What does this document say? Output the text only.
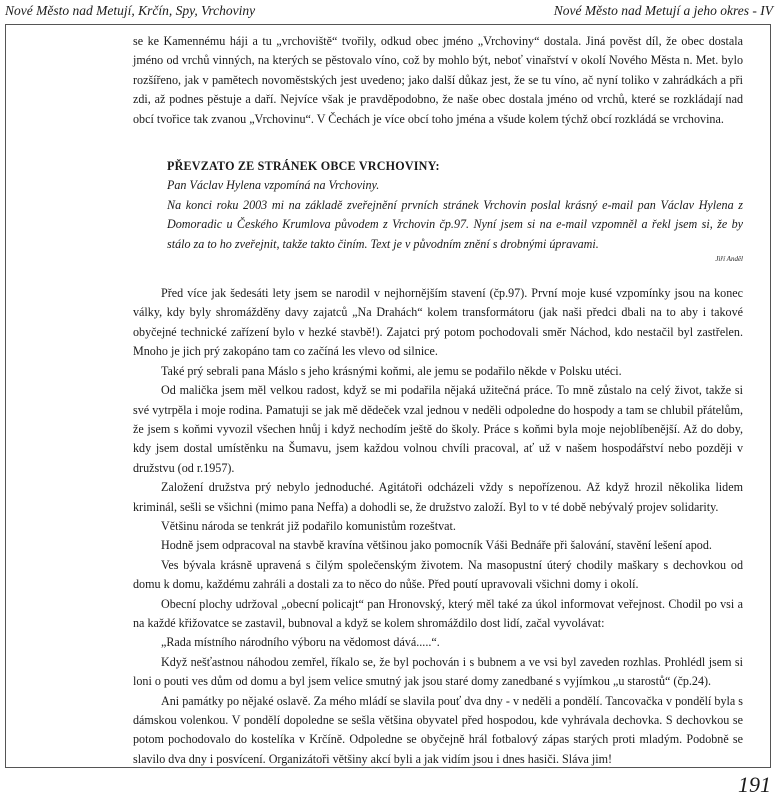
Nové Město nad Metují, Krčín, Spy, Vrchoviny	Nové Město nad Metují a jeho okres - IV

se ke Kamennému háji a tu „vrchoviště“ tvořily, odkud obec jméno „Vrchoviny“ dostala. Jiná pověst díl, že obec dostala jméno od vrchů vinných, na kterých se pěstovalo víno, což by mohlo být, neboť vinařství v okolí Nového Města n. Met. bylo rozšířeno, jak v pamětech novoměstských jest uvedeno; jako další důkaz jest, že se tu víno, ač nyní toliko v zahrádkách a při zdi, až podnes pěstuje a daří. Nejvíce však je pravděpodobno, že naše obec dostala jméno od vrchů, které se rozkládají nad obcí tvořice tak zvanou „Vrchovinu“. V Čechách je více obcí toho jména a všude kolem týchž obcí rozkládá se vrchovina.

PŘEVZATO ZE STRÁNEK OBCE VRCHOVINY:

Pan Václav Hylena vzpomíná na Vrchoviny.

Na konci roku 2003 mi na základě zveřejnění prvních stránek Vrchovin poslal krásný e-mail pan Václav Hylena z Domoradic u Českého Krumlova původem z Vrchovin čp.97. Nyní jsem si na e-mail vzpomněl a řekl jsem si, že by stálo za to ho zveřejnit, takže takto činím. Text je v původním znění s drobnými úpravami.

Jiří Anděl

Před více jak šedesáti lety jsem se narodil v nejhornějším stavení (čp.97). První moje kusé vzpomínky jsou na konec války, kdy byly shromážděny davy zajatců „Na Drahách“ kolem transformátoru (jak naši předci dbali na to aby i takové obyčejné technické zařízení bylo v hezké stavbě!). Zajatci prý potom pochodovali směr Náchod, kdo nestačil byl zastřelen. Mnoho je jich prý zakopáno tam co začíná les vlevo od silnice.

Také prý sebrali pana Máslo s jeho krásnými koňmi, ale jemu se podařilo někde v Polsku utéci.

Od malička jsem měl velkou radost, když se mi podařila nějaká užitečná práce. To mně zůstalo na celý život, takže si své vytrpěla i moje rodina. Pamatuji se jak mě dědeček vzal jednou v neděli odpoledne do hospody a tam se chlubil přátelům, že jsem s koňmi vyvozil všechen hnůj i když nechodím ještě do školy. Práce s koňmi byla moje nejoblíbenější. Až do doby, kdy jsem dostal umístěnku na Šumavu, jsem každou volnou chvíli pracoval, ať už v našem hospodářství nebo později v družstvu (od r.1957).

Založení družstva prý nebylo jednoduché. Agitátoři odcházeli vždy s nepořízenou. Až když hrozil několika lidem kriminál, sešli se všichni (mimo pana Neffa) a dohodli se, že družstvo založí. Byl to v té době nebývalý projev solidarity.

Většinu národa se tenkrát již podařilo komunistům rozeštvat.

Hodně jsem odpracoval na stavbě kravína většinou jako pomocník Váši Bednáře při šalování, stavění lešení apod.

Ves bývala krásně upravená s čilým společenským životem. Na masopustní úterý chodily maškary s dechovkou od domu k domu, každému zahráli a dostali za to něco do nůše. Před poutí upravovali všichni domy i okolí.

Obecní plochy udržoval „obecní policajt“ pan Hronovský, který měl také za úkol informovat veřejnost. Chodil po vsi a na každé křižovatce se zastavil, bubnoval a když se kolem shromáždilo dost lidí, začal vyvolávat:

„Rada místního národního výboru na vědomost dává.....“.

Když nešťastnou náhodou zemřel, říkalo se, že byl pochován i s bubnem a ve vsi byl zaveden rozhlas. Prohlédl jsem si loni o pouti ves dům od domu a byl jsem velice smutný jak jsou staré domy zanedbané s vyjímkou „u starostů“ (čp.24).

Ani památky po nějaké oslavě. Za mého mládí se slavila pouť dva dny - v neděli a pondělí. Tancovačka v pondělí byla s dámskou volenkou. V pondělí dopoledne se sešla většina obyvatel před hospodou, kde vyhrávala dechovka. S dechovkou se potom pochodovalo do kostelíka v Krčíně. Odpoledne se obyčejně hrál fotbalový zápas starých proti mladým. Podobně se slavilo dva dny i posvícení. Organizátoři většiny akcí byli a jak vidím jsou i dnes hasiči. Sláva jim!

191
